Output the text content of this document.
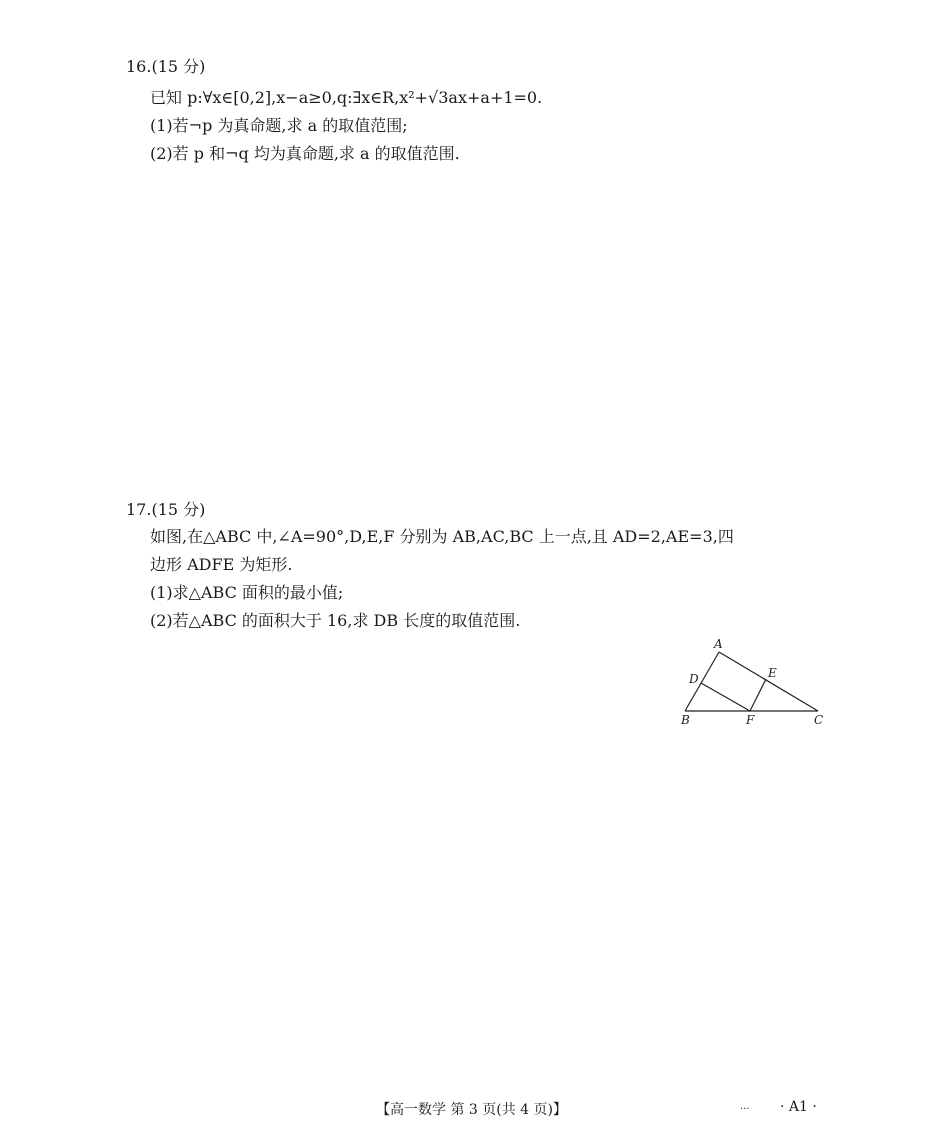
16.(15 分)
已知 p:∀x∈[0,2],x−a≥0,q:∃x∈R,x²+√3ax+a+1=0.
(1)若¬p 为真命题,求 a 的取值范围;
(2)若 p 和¬q 均为真命题,求 a 的取值范围.
17.(15 分)
如图,在△ABC 中,∠A=90°,D,E,F 分别为 AB,AC,BC 上一点,且 AD=2,AE=3,四
边形 ADFE 为矩形.
(1)求△ABC 面积的最小值;
(2)若△ABC 的面积大于 16,求 DB 长度的取值范围.
A
B	C
D	E
F
【高一数学 第 3 页(共 4 页)】	... · A1 ·
